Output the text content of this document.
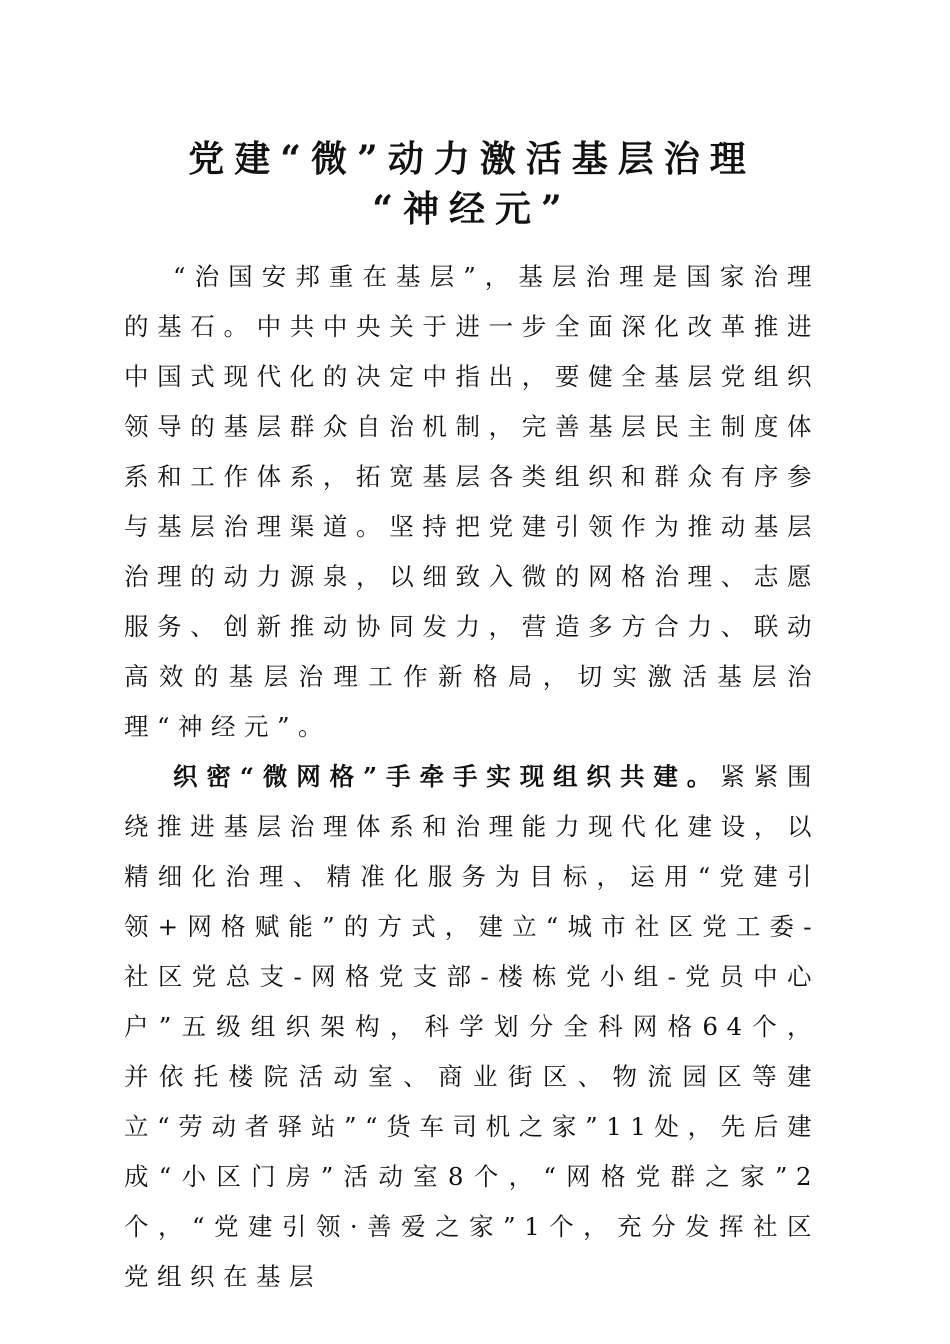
党建“微”动力激活基层治理
“神经元”

“治国安邦重在基层”，基层治理是国家治理的基石。中共中央关于进一步全面深化改革推进中国式现代化的决定中指出，要健全基层党组织领导的基层群众自治机制，完善基层民主制度体系和工作体系，拓宽基层各类组织和群众有序参与基层治理渠道。坚持把党建引领作为推动基层治理的动力源泉，以细致入微的网格治理、志愿服务、创新推动协同发力，营造多方合力、联动高效的基层治理工作新格局，切实激活基层治理“神经元”。

织密“微网格”手牵手实现组织共建。紧紧围绕推进基层治理体系和治理能力现代化建设，以精细化治理、精准化服务为目标，运用“党建引领+网格赋能”的方式，建立“城市社区党工委-社区党总支-网格党支部-楼栋党小组-党员中心户”五级组织架构，科学划分全科网格64个，并依托楼院活动室、商业街区、物流园区等建立“劳动者驿站”“货车司机之家”11处，先后建成“小区门房”活动室8个，“网格党群之家”2个，“党建引领·善爱之家”1个，充分发挥社区党组织在基层
